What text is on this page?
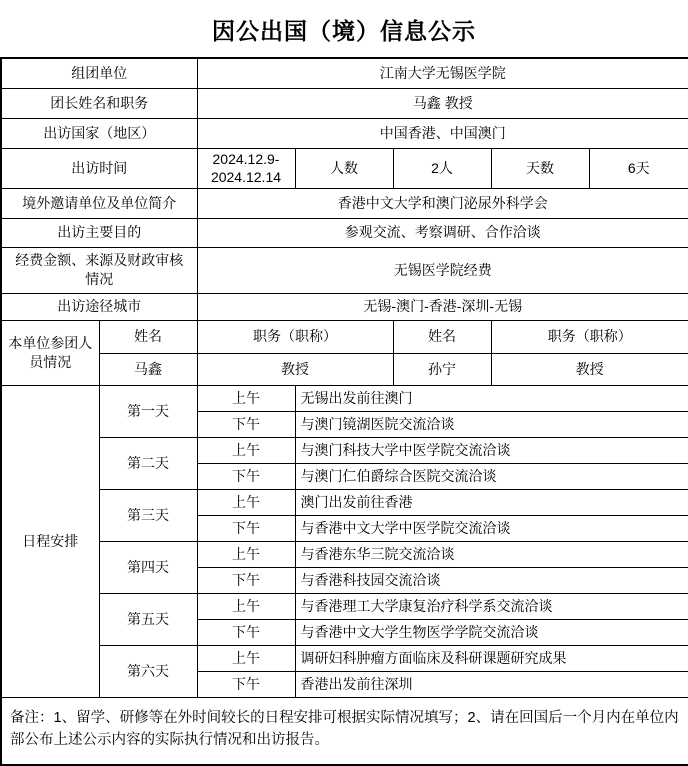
因公出国（境）信息公示
组团单位		江南大学无锡医学院				
团长姓名和职务		马鑫 教授				
出访国家（地区）		中国香港、中国澳门				
出访时间		2024.12.9-
2024.12.14	人数	2人	天数	6天
境外邀请单位及单位简介		香港中文大学和澳门泌尿外科学会				
出访主要目的		参观交流、考察调研、合作洽谈				
经费金额、来源及财政审核情况		无锡医学院经费				
出访途径城市		无锡-澳门-香港-深圳-无锡				
本单位参团人员情况	姓名	职务（职称）		姓名	职务（职称）	
	马鑫	教授		孙宁	教授	
日程安排	第一天	上午	无锡出发前往澳门			
		下午	与澳门镜湖医院交流洽谈			
	第二天	上午	与澳门科技大学中医学院交流洽谈			
		下午	与澳门仁伯爵综合医院交流洽谈			
	第三天	上午	澳门出发前往香港			
		下午	与香港中文大学中医学院交流洽谈			
	第四天	上午	与香港东华三院交流洽谈			
		下午	与香港科技园交流洽谈			
	第五天	上午	与香港理工大学康复治疗科学系交流洽谈			
		下午	与香港中文大学生物医学学院交流洽谈			
	第六天	上午	调研妇科肿瘤方面临床及科研课题研究成果			
		下午	香港出发前往深圳			
备注：1、留学、研修等在外时间较长的日程安排可根据实际情况填写；2、请在回国后一个月内在单位内部公布上述公示内容的实际执行情况和出访报告。						
